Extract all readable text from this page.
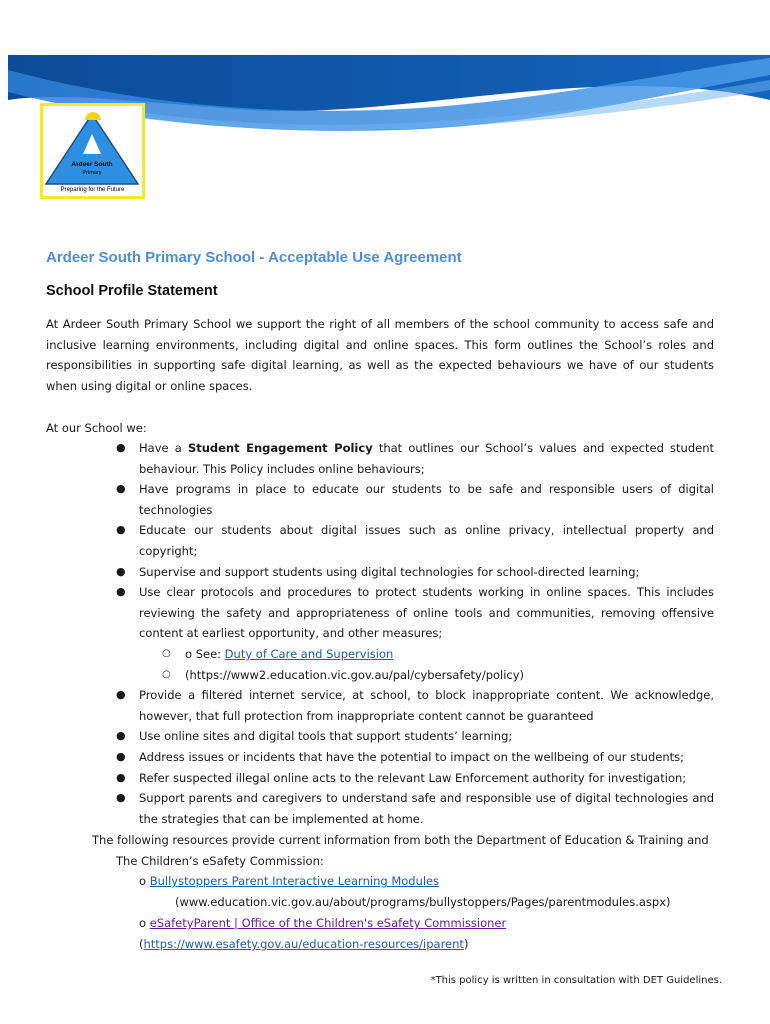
Ardeer South
Primary
Preparing for the Future
Ardeer South Primary School - Acceptable Use Agreement
School Profile Statement

At Ardeer South Primary School we support the right of all members of the school community to access safe and inclusive learning environments, including digital and online spaces. This form outlines the School’s roles and responsibilities in supporting safe digital learning, as well as the expected behaviours we have of our students when using digital or online spaces.

At our School we:

● Have a Student Engagement Policy that outlines our School’s values and expected student behaviour. This Policy includes online behaviours;
● Have programs in place to educate our students to be safe and responsible users of digital technologies
● Educate our students about digital issues such as online privacy, intellectual property and copyright;
● Supervise and support students using digital technologies for school-directed learning;
● Use clear protocols and procedures to protect students working in online spaces. This includes reviewing the safety and appropriateness of online tools and communities, removing offensive content at earliest opportunity, and other measures;
○ o See: Duty of Care and Supervision
○ (https://www2.education.vic.gov.au/pal/cybersafety/policy)
● Provide a filtered internet service, at school, to block inappropriate content. We acknowledge, however, that full protection from inappropriate content cannot be guaranteed
● Use online sites and digital tools that support students’ learning;
● Address issues or incidents that have the potential to impact on the wellbeing of our students;
● Refer suspected illegal online acts to the relevant Law Enforcement authority for investigation;
● Support parents and caregivers to understand safe and responsible use of digital technologies and the strategies that can be implemented at home.

The following resources provide current information from both the Department of Education & Training and
The Children’s eSafety Commission:

o Bullystoppers Parent Interactive Learning Modules

(www.education.vic.gov.au/about/programs/bullystoppers/Pages/parentmodules.aspx)

o eSafetyParent | Office of the Children's eSafety Commissioner

(https://www.esafety.gov.au/education-resources/iparent)

*This policy is written in consultation with DET Guidelines.
